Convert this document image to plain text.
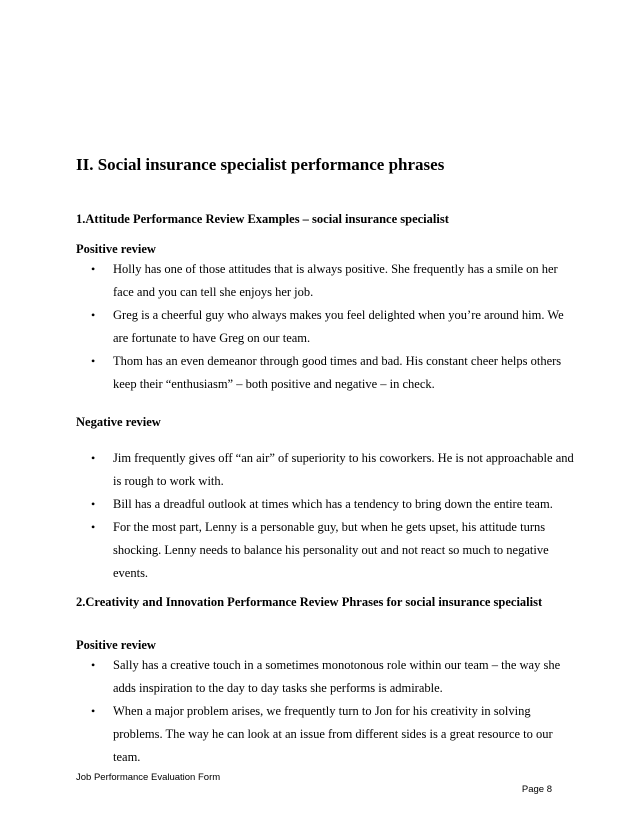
II. Social insurance specialist performance phrases
1.Attitude Performance Review Examples – social insurance specialist
Positive review
• Holly has one of those attitudes that is always positive. She frequently has a smile on her face and you can tell she enjoys her job.
• Greg is a cheerful guy who always makes you feel delighted when you’re around him. We are fortunate to have Greg on our team.
• Thom has an even demeanor through good times and bad. His constant cheer helps others keep their “enthusiasm” – both positive and negative – in check.
Negative review
• Jim frequently gives off “an air” of superiority to his coworkers. He is not approachable and is rough to work with.
• Bill has a dreadful outlook at times which has a tendency to bring down the entire team.
• For the most part, Lenny is a personable guy, but when he gets upset, his attitude turns shocking. Lenny needs to balance his personality out and not react so much to negative events.
2.Creativity and Innovation Performance Review Phrases for social insurance specialist
Positive review
• Sally has a creative touch in a sometimes monotonous role within our team – the way she adds inspiration to the day to day tasks she performs is admirable.
• When a major problem arises, we frequently turn to Jon for his creativity in solving problems. The way he can look at an issue from different sides is a great resource to our team.
Job Performance Evaluation Form
Page 8
